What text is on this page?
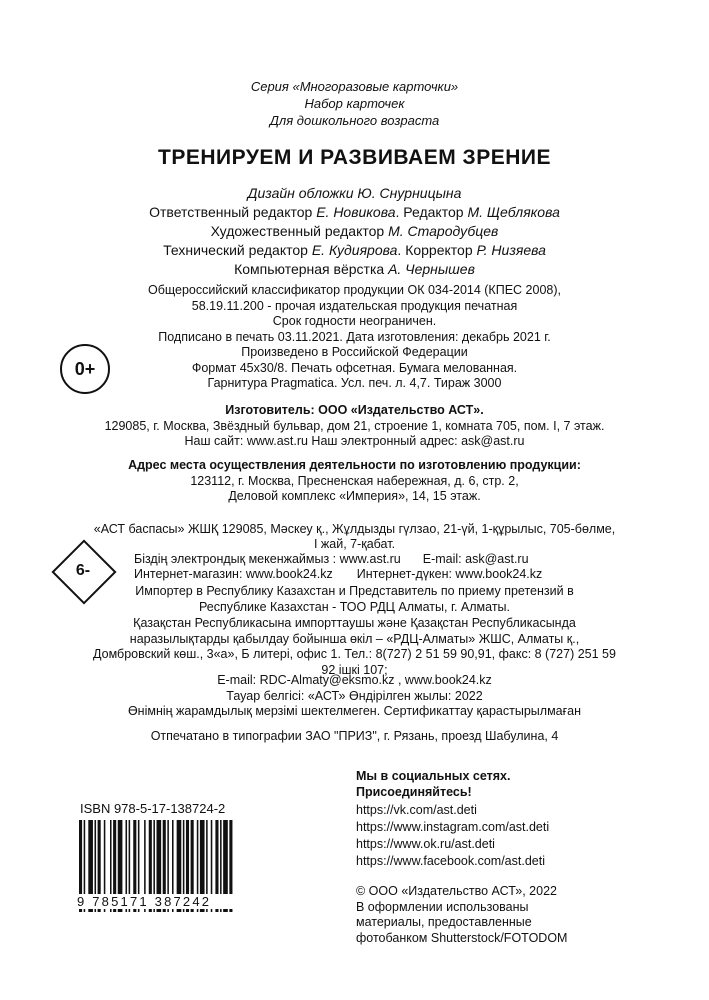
Серия «Многоразовые карточки»
Набор карточек
Для дошкольного возраста
ТРЕНИРУЕМ И РАЗВИВАЕМ ЗРЕНИЕ
Дизайн обложки Ю. Снурницына
Ответственный редактор Е. Новикова. Редактор М. Щеблякова
Художественный редактор М. Стародубцев
Технический редактор Е. Кудиярова. Корректор Р. Низяева
Компьютерная вёрстка А. Чернышев
Общероссийский классификатор продукции ОК 034-2014 (КПЕС 2008),
58.19.11.200 - прочая издательская продукция печатная
Срок годности неограничен.
Подписано в печать 03.11.2021. Дата изготовления: декабрь 2021 г.
Произведено в Российской Федерации
Формат 45х30/8. Печать офсетная. Бумага мелованная.
Гарнитура Pragmatica. Усл. печ. л. 4,7. Тираж 3000
0+
Изготовитель: ООО «Издательство АСТ».
129085, г. Москва, Звёздный бульвар, дом 21, строение 1, комната 705, пом. I, 7 этаж.
Наш сайт: www.ast.ru Наш электронный адрес: ask@ast.ru
Адрес места осуществления деятельности по изготовлению продукции:
123112, г. Москва, Пресненская набережная, д. 6, стр. 2,
Деловой комплекс «Империя», 14, 15 этаж.
«АСТ баспасы» ЖШҚ 129085, Мәскеу қ., Жұлдызды гүлзао, 21-үй, 1-құрылыс, 705-бөлме,
I жай, 7-қабат.
6-
Біздің электрондық мекенжаймыз : www.ast.ru E-mail: ask@ast.ru
Интернет-магазин: www.book24.kz Интернет-дүкен: www.book24.kz
Импортер в Республику Казахстан и Представитель по приему претензий в
Республике Казахстан - ТОО РДЦ Алматы, г. Алматы.
Қазақстан Республикасына импорттаушы және Қазақстан Республикасында
наразылықтарды қабылдау бойынша өкіл – «РДЦ-Алматы» ЖШС, Алматы қ.,
Домбровский көш., 3«а», Б литері, офис 1. Тел.: 8(727) 2 51 59 90,91, факс: 8 (727) 251 59
92 ішкі 107;
E-mail: RDC-Almaty@eksmo.kz , www.book24.kz
Тауар белгісі: «АСТ» Өндірілген жылы: 2022
Өнімнің жарамдылық мерзімі шектелмеген. Сертификаттау қарастырылмаған
Отпечатано в типографии ЗАО "ПРИЗ", г. Рязань, проезд Шабулина, 4
Мы в социальных сетях.
Присоединяйтесь!
https://vk.com/ast.deti
https://www.instagram.com/ast.deti
https://www.ok.ru/ast.deti
https://www.facebook.com/ast.deti
© ООО «Издательство АСТ», 2022
В оформлении использованы
материалы, предоставленные
фотобанком Shutterstock/FOTODOM
ISBN 978-5-17-138724-2
9 785171 387242
